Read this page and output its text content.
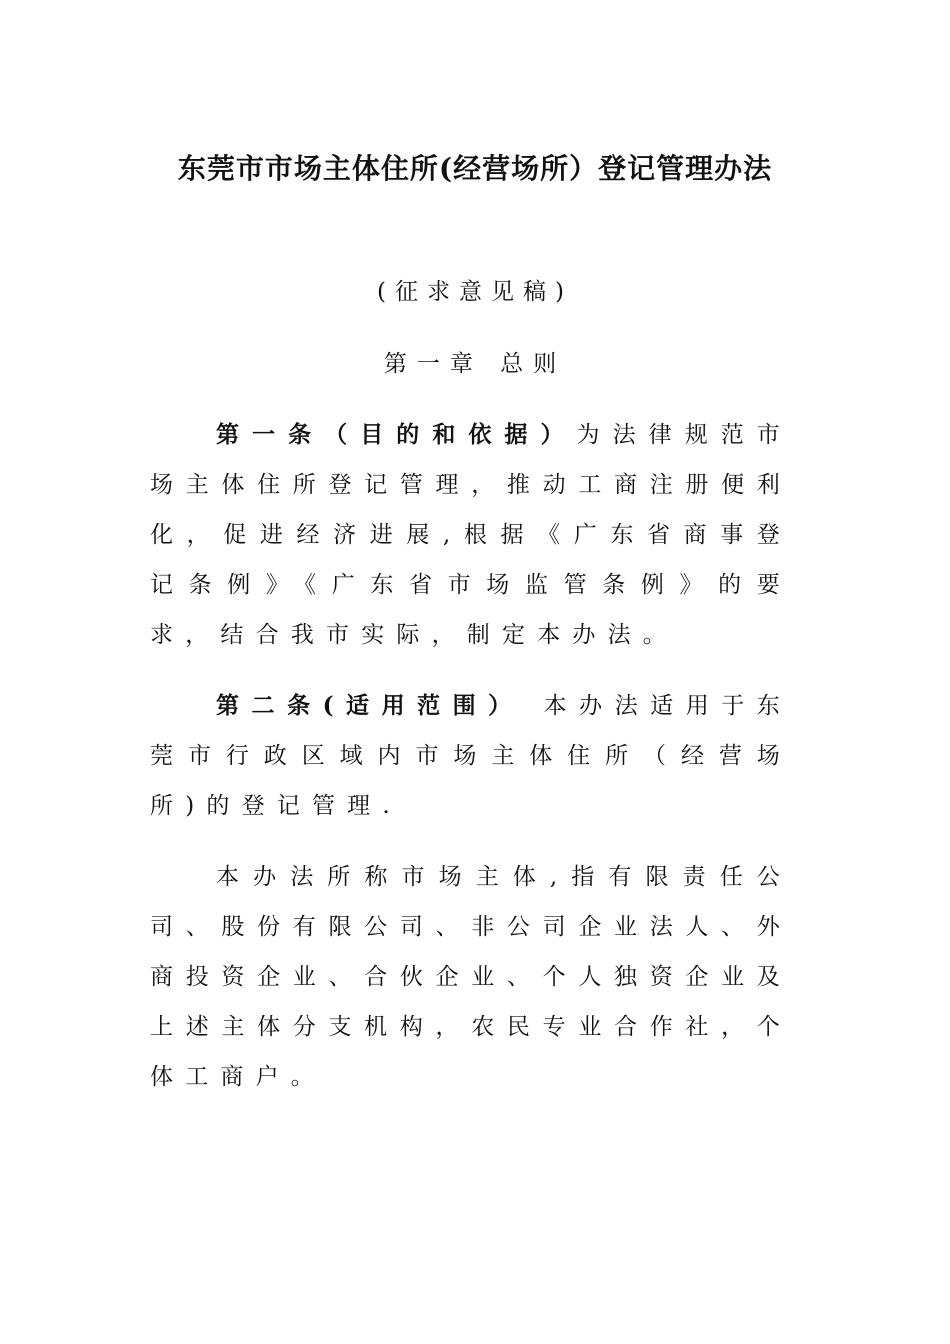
东莞市市场主体住所(经营场所）登记管理办法

(征求意见稿)

第一章 总则

第一条（目的和依据）为法律规范市场主体住所登记管理，推动工商注册便利化，促进经济进展,根据《广东省商事登记条例》《广东省市场监管条例》的要求，结合我市实际，制定本办法。

第二条(适用范围） 本办法适用于东莞市行政区域内市场主体住所（经营场所)的登记管理.

本办法所称市场主体,指有限责任公司、股份有限公司、非公司企业法人、外商投资企业、合伙企业、个人独资企业及上述主体分支机构，农民专业合作社，个体工商户。
